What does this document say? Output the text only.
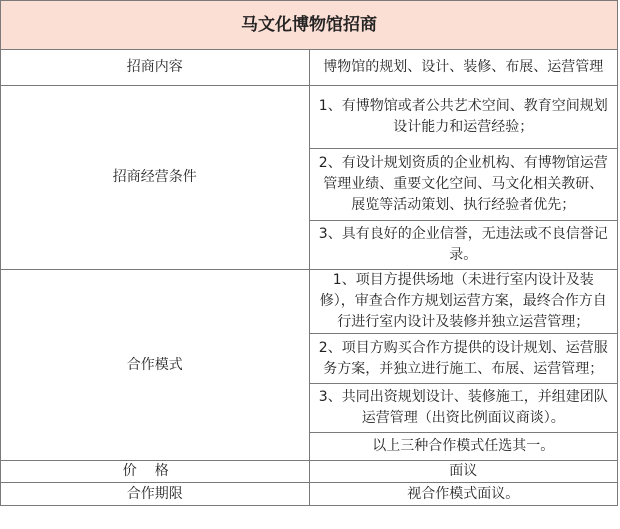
马文化博物馆招商	
招商内容	博物馆的规划、设计、装修、布展、运营管理
招商经营条件	1、有博物馆或者公共艺术空间、教育空间规划设计能力和运营经验；
	2、有设计规划资质的企业机构、有博物馆运营管理业绩、重要文化空间、马文化相关教研、展览等活动策划、执行经验者优先；
	3、具有良好的企业信誉，无违法或不良信誉记录。
合作模式	1、项目方提供场地（未进行室内设计及装修），审查合作方规划运营方案，最终合作方自行进行室内设计及装修并独立运营管理；
	2、项目方购买合作方提供的设计规划、运营服务方案，并独立进行施工、布展、运营管理；
	3、共同出资规划设计、装修施工，并组建团队运营管理（出资比例面议商谈）。
	以上三种合作模式任选其一。
价格	面议
合作期限	视合作模式面议。
